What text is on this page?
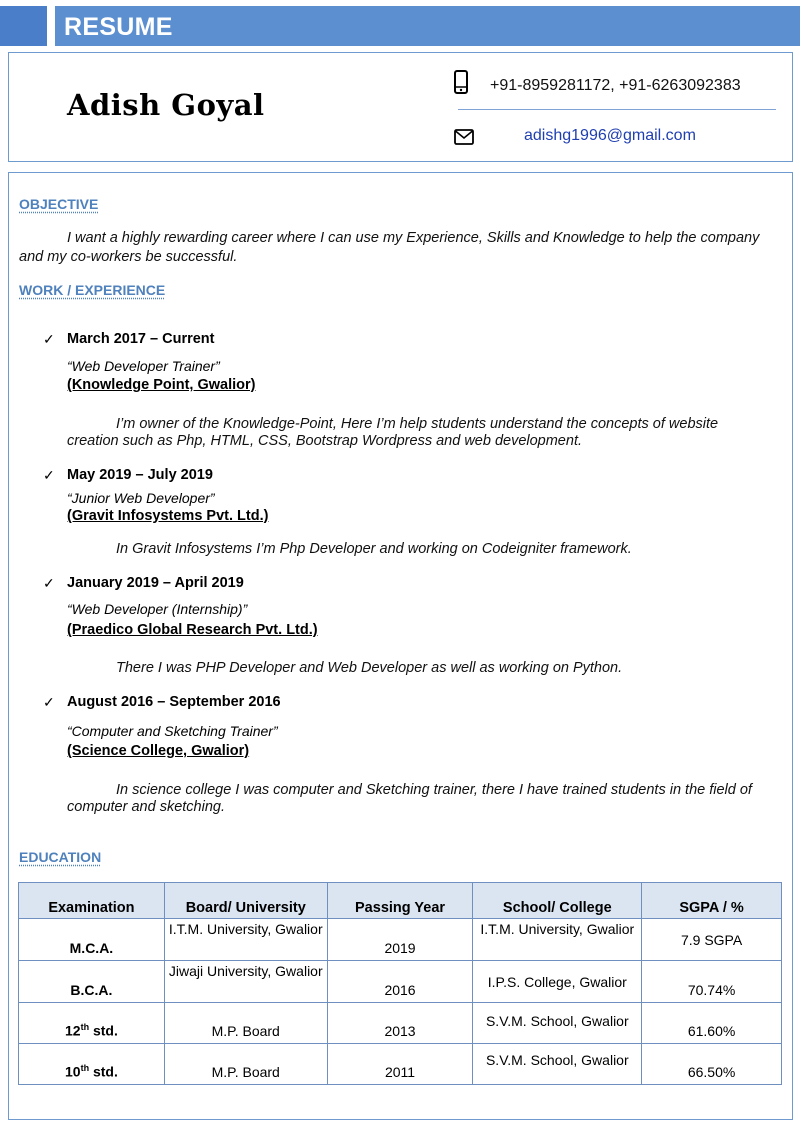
RESUME
Adish Goyal
+91-8959281172, +91-6263092383
adishg1996@gmail.com
OBJECTIVE
I want a highly rewarding career where I can use my Experience, Skills and Knowledge to help the company and my co-workers be successful.
WORK / EXPERIENCE
✓ March 2017 – Current
“Web Developer Trainer”
(Knowledge Point, Gwalior)
I’m owner of the Knowledge-Point, Here I’m help students understand the concepts of website creation such as Php, HTML, CSS, Bootstrap Wordpress and web development.
✓ May 2019 – July 2019
“Junior Web Developer”
(Gravit Infosystems Pvt. Ltd.)
In Gravit Infosystems I’m Php Developer and working on Codeigniter framework.
✓ January 2019 – April 2019
“Web Developer (Internship)”
(Praedico Global Research Pvt. Ltd.)
There I was PHP Developer and Web Developer as well as working on Python.
✓ August 2016 – September 2016
“Computer and Sketching Trainer”
(Science College, Gwalior)
In science college I was computer and Sketching trainer, there I have trained students in the field of computer and sketching.
EDUCATION
Examination	Board/ University	Passing Year	School/ College	SGPA / %
M.C.A.	I.T.M. University, Gwalior	2019	I.T.M. University, Gwalior	7.9 SGPA
B.C.A.	Jiwaji University, Gwalior	2016	I.P.S. College, Gwalior	70.74%
12th std.	M.P. Board	2013	S.V.M. School, Gwalior	61.60%
10th std.	M.P. Board	2011	S.V.M. School, Gwalior	66.50%
